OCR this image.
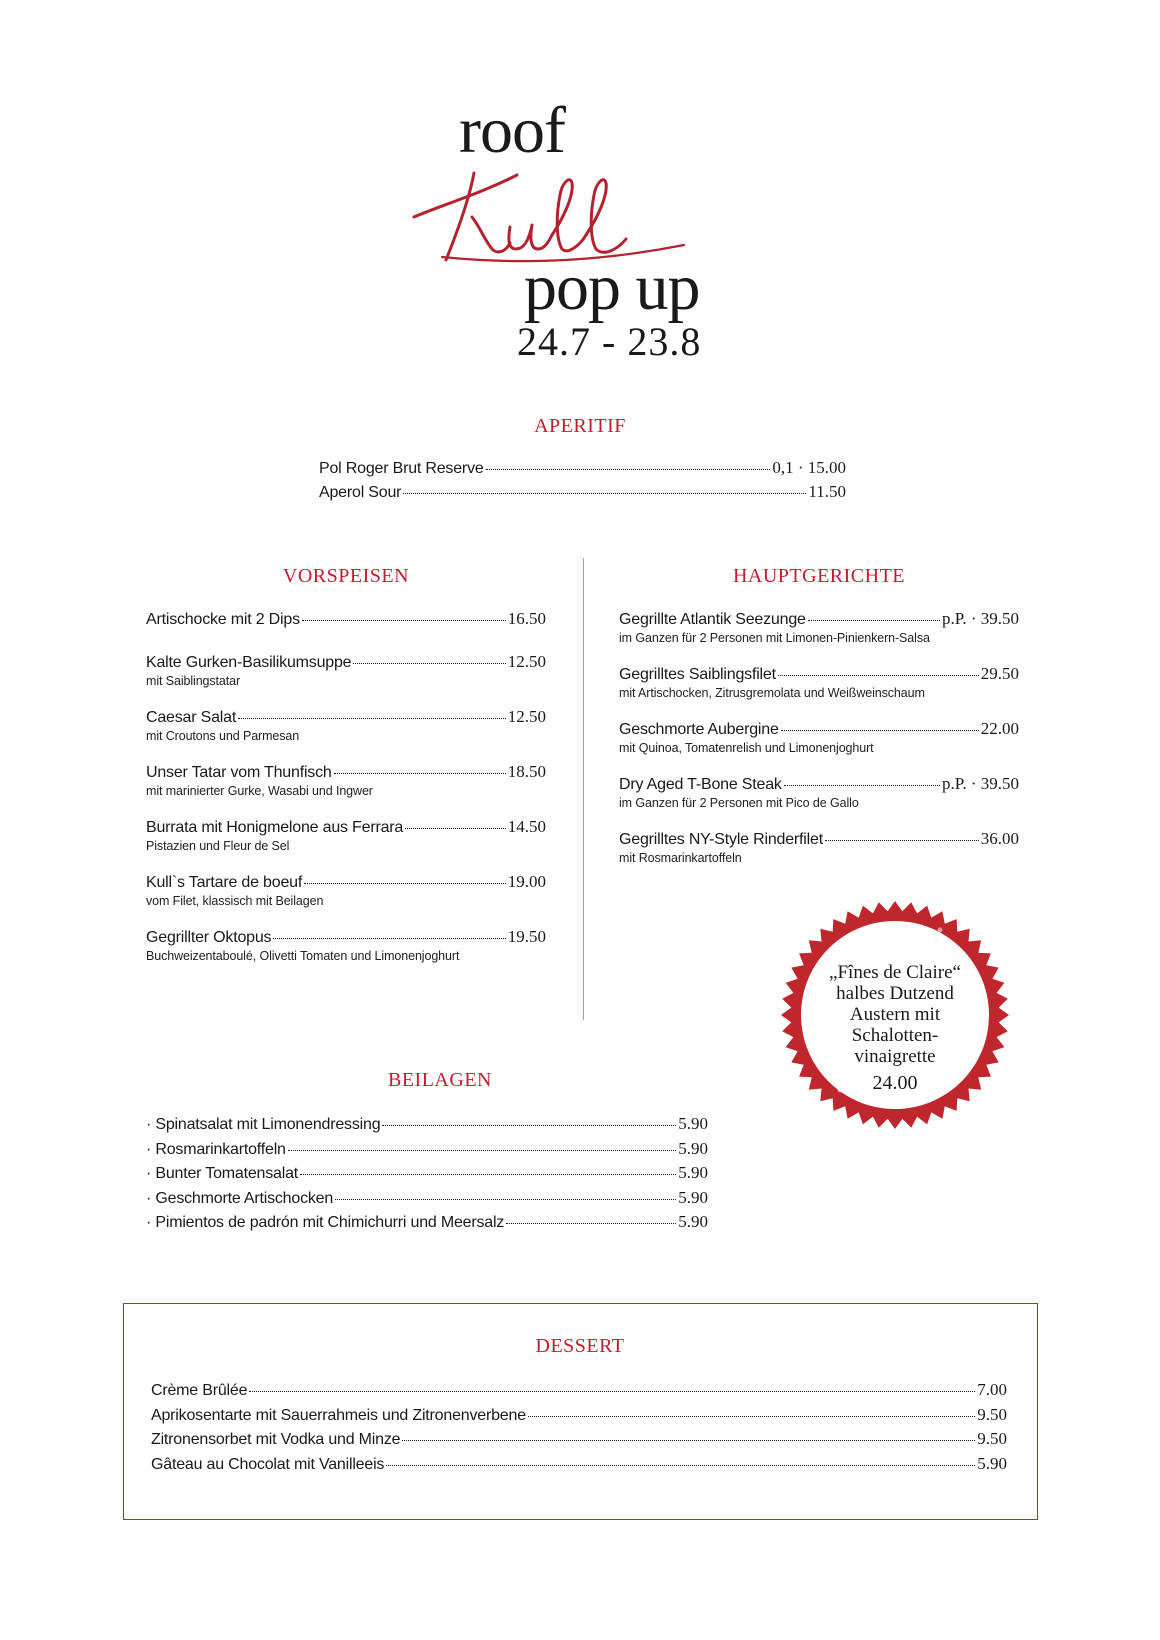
roof
pop up
24.7 - 23.8
APERITIF
Pol Roger Brut Reserve	0,1 · 15.00
Aperol Sour	11.50
VORSPEISEN
Artischocke mit 2 Dips	16.50
Kalte Gurken-Basilikumsuppe	12.50
mit Saiblingstatar
Caesar Salat	12.50
mit Croutons und Parmesan
Unser Tatar vom Thunfisch	18.50
mit marinierter Gurke, Wasabi und Ingwer
Burrata mit Honigmelone aus Ferrara	14.50
Pistazien und Fleur de Sel
Kull`s Tartare de boeuf	19.00
vom Filet, klassisch mit Beilagen
Gegrillter Oktopus	19.50
Buchweizentaboulé, Olivetti Tomaten und Limonenjoghurt
HAUPTGERICHTE
Gegrillte Atlantik Seezunge	p.P. · 39.50
im Ganzen für 2 Personen mit Limonen-Pinienkern-Salsa
Gegrilltes Saiblingsfilet	29.50
mit Artischocken, Zitrusgremolata und Weißweinschaum
Geschmorte Aubergine	22.00
mit Quinoa, Tomatenrelish und Limonenjoghurt
Dry Aged T-Bone Steak	p.P. · 39.50
im Ganzen für 2 Personen mit Pico de Gallo
Gegrilltes NY-Style Rinderfilet	36.00
mit Rosmarinkartoffeln
„Fînes de Claire“
halbes Dutzend
Austern mit
Schalotten-
vinaigrette
24.00
BEILAGEN
· Spinatsalat mit Limonendressing	5.90
· Rosmarinkartoffeln	5.90
· Bunter Tomatensalat	5.90
· Geschmorte Artischocken	5.90
· Pimientos de padrón mit Chimichurri und Meersalz	5.90
DESSERT
Crème Brûlée	7.00
Aprikosentarte mit Sauerrahmeis und Zitronenverbene	9.50
Zitronensorbet mit Vodka und Minze	9.50
Gâteau au Chocolat mit Vanilleeis	5.90
